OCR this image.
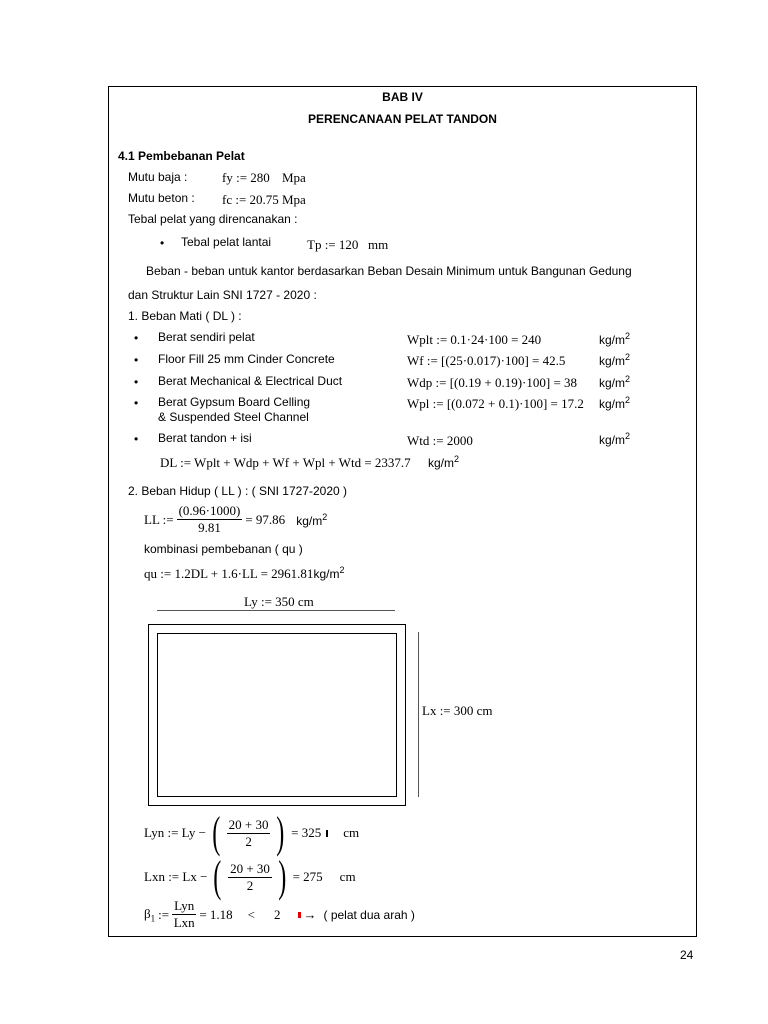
BAB IV
PERENCANAAN PELAT TANDON
4.1 Pembebanan Pelat
Mutu baja :	fy := 280 Mpa
Mutu beton : fc := 20.75 Mpa
Tebal pelat yang direncanakan :
• Tebal pelat lantai	Tp := 120 mm
Beban - beban untuk kantor berdasarkan Beban Desain Minimum untuk Bangunan Gedung
dan Struktur Lain SNI 1727 - 2020 :
1. Beban Mati ( DL ) :
• Berat sendiri pelat	Wplt := 0.1·24·100 = 240	$kg/m^2$
• Floor Fill 25 mm Cinder Concrete	Wf := [(25·0.017)·100] = 42.5	$kg/m^2$
• Berat Mechanical & Electrical Duct	Wdp := [(0.19 + 0.19)·100] = 38 $kg/m^2$
• Berat Gypsum Board Celling
& Suspended Steel Channel
Wpl := [(0.072 + 0.1)·100] = 17.2 $kg/m^2$
• Berat tandon + isi	Wtd := 2000	$kg/m^2$
DL := Wplt + Wdp + Wf + Wpl + Wtd = 2337.7 $kg/m^2$
2. Beban Hidup ( LL ) : ( SNI 1727-2020 )
LL := $\frac{(0.96\cdot 1000)}{9.81} = 97.86$ $kg/m^2$
kombinasi pembebanan ( qu )
qu := $1.2DL + 1.6\cdot LL = 2961.81kg/m^2$
Ly := 350 cm
Lx := 300 cm
Lyn := Ly − ( $\frac{20 + 30}{2}$ ) = 325 cm
Lxn := Lx − ( $\frac{20 + 30}{2}$ ) = 275 cm
$\beta_1$ := $\frac{\text{Lyn}}{\text{Lxn}} = 1.18 < 2$ → ( pelat dua arah )
24
